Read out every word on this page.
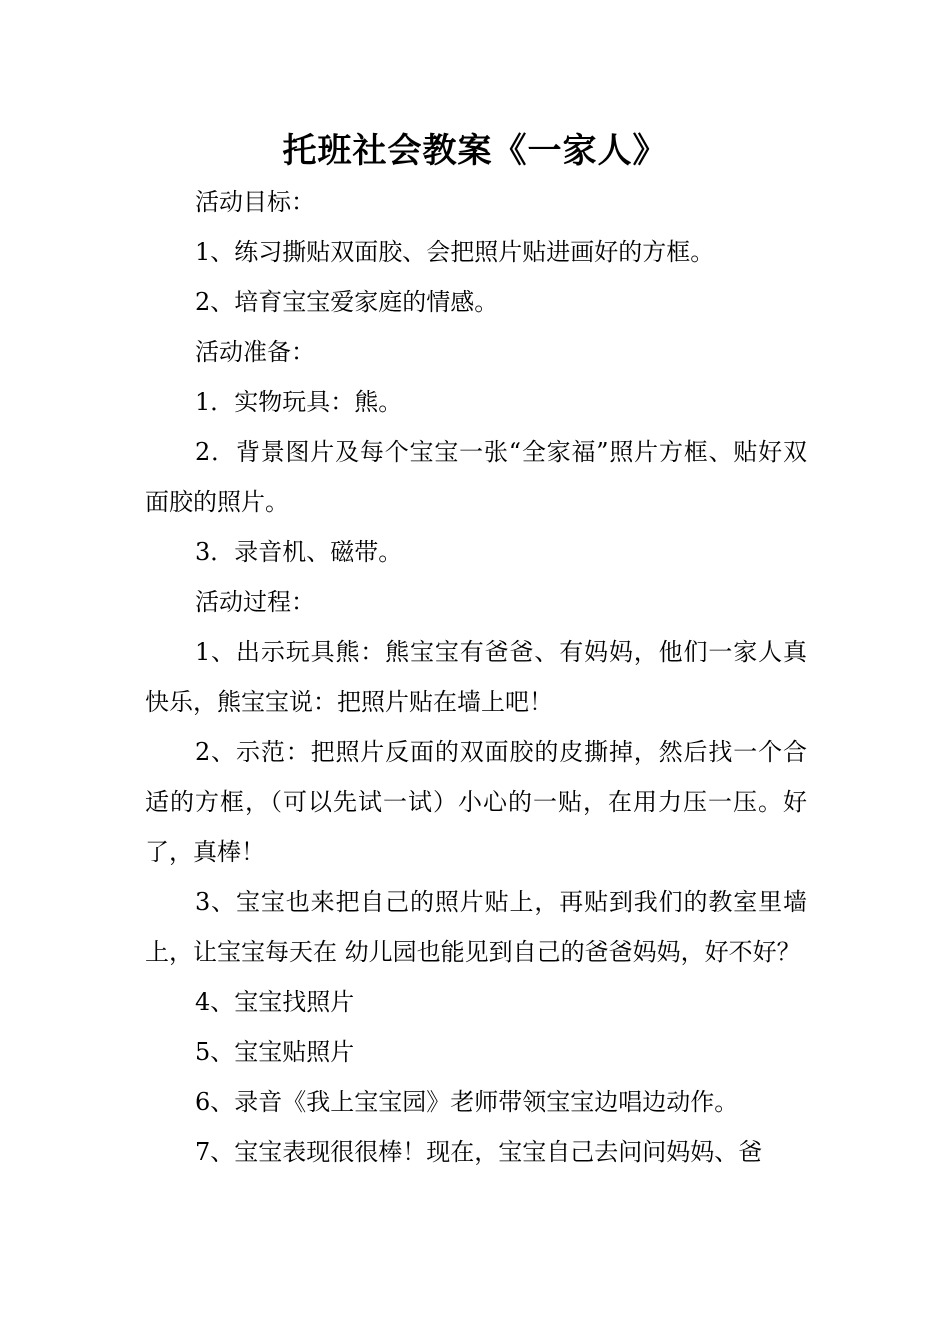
托班社会教案《一家人》

活动目标：

1、练习撕贴双面胶、会把照片贴进画好的方框。

2、培育宝宝爱家庭的情感。

活动准备：

1．实物玩具：熊。

2．背景图片及每个宝宝一张“全家福”照片方框、贴好双面胶的照片。

3．录音机、磁带。

活动过程：

1、出示玩具熊：熊宝宝有爸爸、有妈妈，他们一家人真快乐，熊宝宝说：把照片贴在墙上吧！

2、示范：把照片反面的双面胶的皮撕掉，然后找一个合适的方框，（可以先试一试）小心的一贴，在用力压一压。好了，真棒！

3、宝宝也来把自己的照片贴上，再贴到我们的教室里墙上，让宝宝每天在 幼儿园也能见到自己的爸爸妈妈，好不好？

4、宝宝找照片

5、宝宝贴照片

6、录音《我上宝宝园》老师带领宝宝边唱边动作。

7、宝宝表现很很棒！现在，宝宝自己去问问妈妈、爸
